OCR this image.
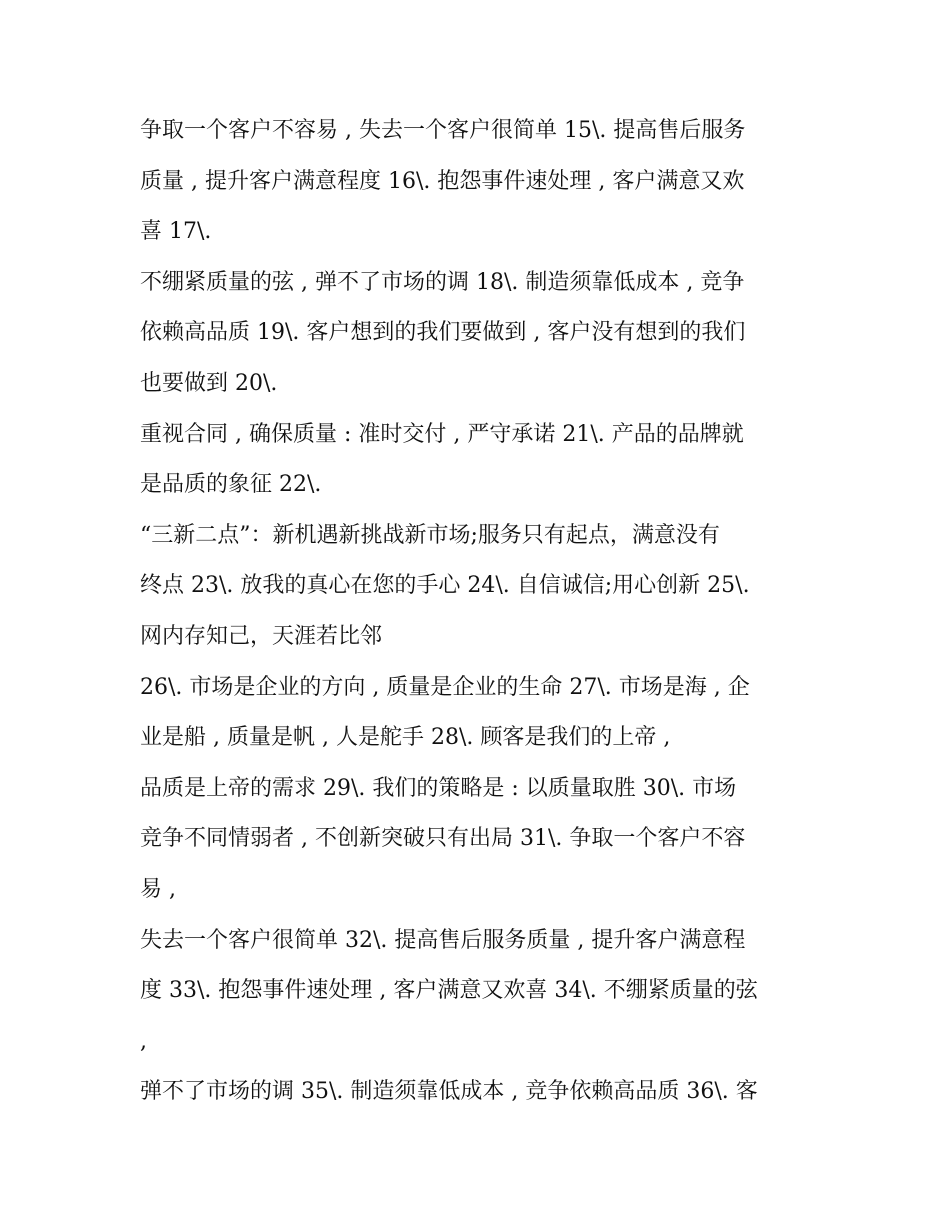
争取一个客户不容易 , 失去一个客户很简单 15\. 提高售后服务
质量 , 提升客户满意程度 16\. 抱怨事件速处理 , 客户满意又欢
喜 17\.
不绷紧质量的弦 , 弹不了市场的调 18\. 制造须靠低成本 , 竞争
依赖高品质 19\. 客户想到的我们要做到 , 客户没有想到的我们
也要做到 20\.
重视合同 , 确保质量 : 准时交付 , 严守承诺 21\. 产品的品牌就
是品质的象征 22\.
“三新二点”：新机遇新挑战新市场;服务只有起点，满意没有
终点 23\. 放我的真心在您的手心 24\. 自信诚信;用心创新 25\.
网内存知己，天涯若比邻
26\. 市场是企业的方向 , 质量是企业的生命 27\. 市场是海 , 企
业是船 , 质量是帆 , 人是舵手 28\. 顾客是我们的上帝 ,
品质是上帝的需求 29\. 我们的策略是 : 以质量取胜 30\. 市场
竞争不同情弱者 , 不创新突破只有出局 31\. 争取一个客户不容
易 ,
失去一个客户很简单 32\. 提高售后服务质量 , 提升客户满意程
度 33\. 抱怨事件速处理 , 客户满意又欢喜 34\. 不绷紧质量的弦
,
弹不了市场的调 35\. 制造须靠低成本 , 竞争依赖高品质 36\. 客
